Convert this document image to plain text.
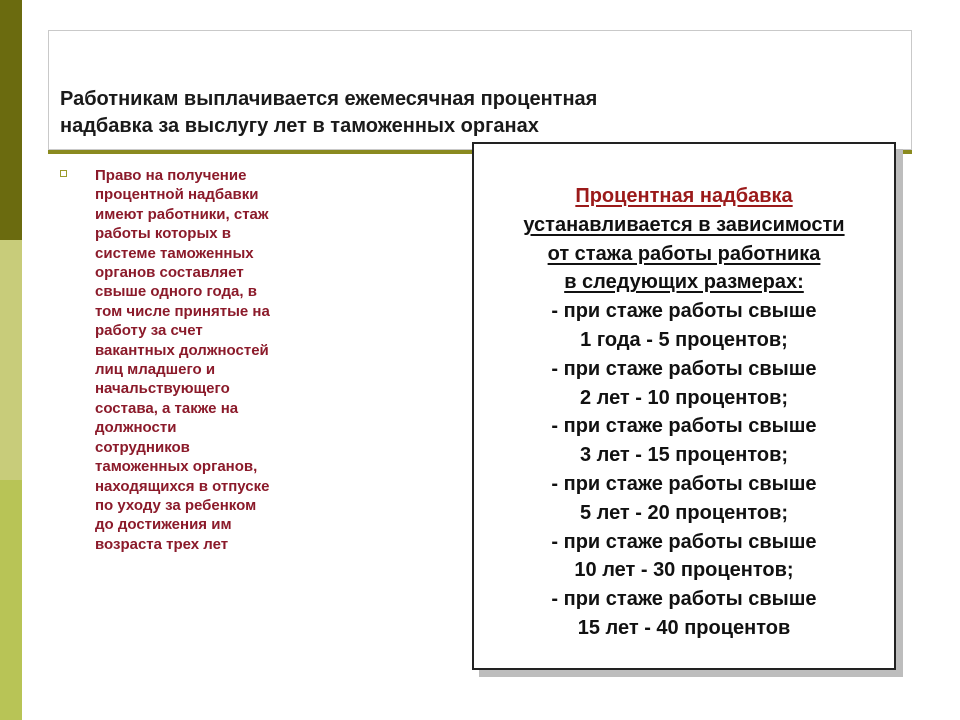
Работникам выплачивается ежемесячная процентная
надбавка за выслугу лет в таможенных органах

Право на получение
процентной надбавки
имеют работники, стаж
работы которых в
системе таможенных
органов составляет
свыше одного года, в
том числе принятые на
работу за счет
вакантных должностей
лиц младшего и
начальствующего
состава, а также на
должности
сотрудников
таможенных органов,
находящихся в отпуске
по уходу за ребенком
до достижения им
возраста трех лет

Процентная надбавка
устанавливается в зависимости
от стажа работы работника
в следующих размерах:
- при стаже работы свыше
1 года - 5 процентов;
- при стаже работы свыше
2 лет - 10 процентов;
- при стаже работы свыше
3 лет - 15 процентов;
- при стаже работы свыше
5 лет - 20 процентов;
- при стаже работы свыше
10 лет - 30 процентов;
- при стаже работы свыше
15 лет - 40 процентов
